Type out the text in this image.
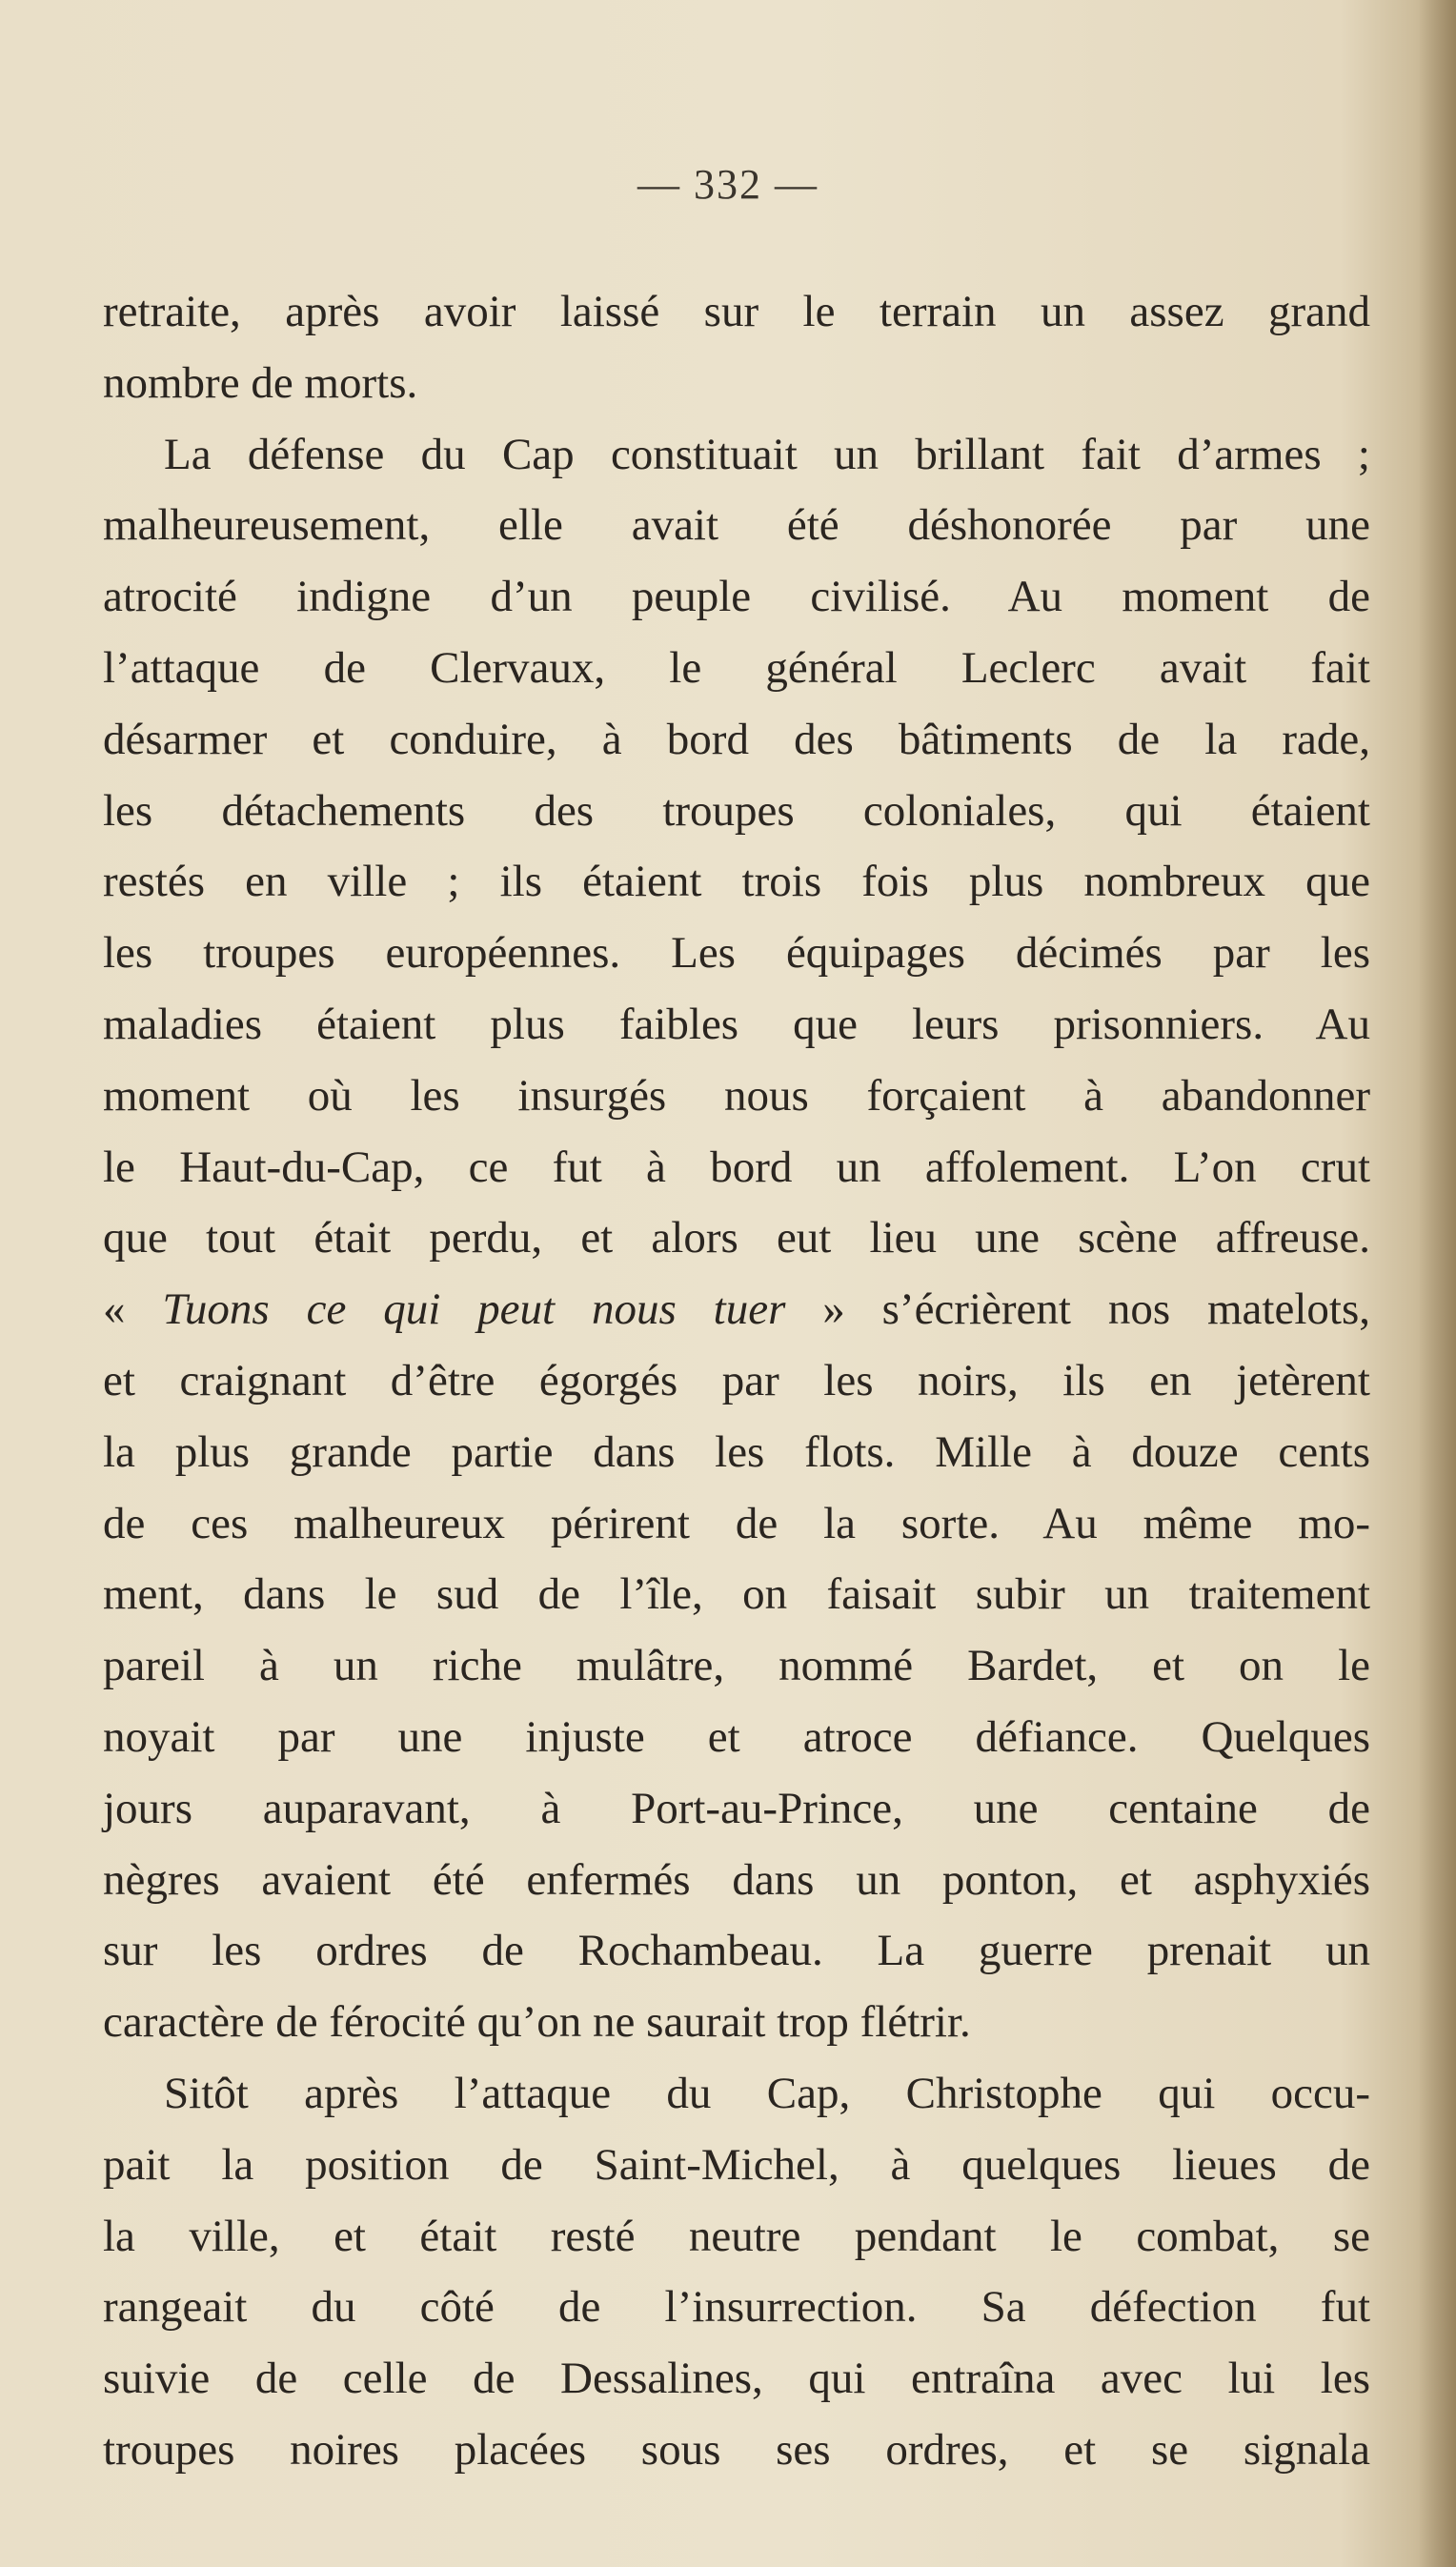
— 332 —
retraite, après avoir laissé sur le terrain un assez grand
nombre de morts.
La défense du Cap constituait un brillant fait d’armes ;
malheureusement, elle avait été déshonorée par une
atrocité indigne d’un peuple civilisé. Au moment de
l’attaque de Clervaux, le général Leclerc avait fait
désarmer et conduire, à bord des bâtiments de la rade,
les détachements des troupes coloniales, qui étaient
restés en ville ; ils étaient trois fois plus nombreux que
les troupes européennes. Les équipages décimés par les
maladies étaient plus faibles que leurs prisonniers. Au
moment où les insurgés nous forçaient à abandonner
le Haut-du-Cap, ce fut à bord un affolement. L’on crut
que tout était perdu, et alors eut lieu une scène affreuse.
« Tuons ce qui peut nous tuer » s’écrièrent nos matelots,
et craignant d’être égorgés par les noirs, ils en jetèrent
la plus grande partie dans les flots. Mille à douze cents
de ces malheureux périrent de la sorte. Au même mo-
ment, dans le sud de l’île, on faisait subir un traitement
pareil à un riche mulâtre, nommé Bardet, et on le
noyait par une injuste et atroce défiance. Quelques
jours auparavant, à Port-au-Prince, une centaine de
nègres avaient été enfermés dans un ponton, et asphyxiés
sur les ordres de Rochambeau. La guerre prenait un
caractère de férocité qu’on ne saurait trop flétrir.
Sitôt après l’attaque du Cap, Christophe qui occu-
pait la position de Saint-Michel, à quelques lieues de
la ville, et était resté neutre pendant le combat, se
rangeait du côté de l’insurrection. Sa défection fut
suivie de celle de Dessalines, qui entraîna avec lui les
troupes noires placées sous ses ordres, et se signala
